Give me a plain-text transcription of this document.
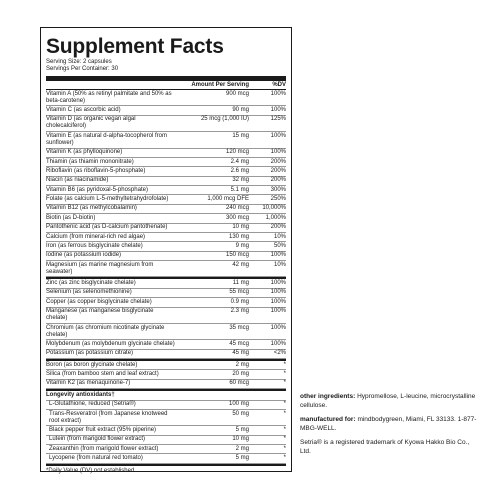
Supplement Facts
Serving Size: 2 capsules
Servings Per Container: 30
Amount Per Serving	%DV
Vitamin A (50% as retinyl palmitate and 50% as beta-carotene)
900 mcg	100%
Vitamin C (as ascorbic acid)	90 mg	100%
Vitamin D (as organic vegan algal cholecalciferol)
25 mcg (1,000 IU)	125%
Vitamin E (as natural d-alpha-tocopherol from sunflower)
15 mg	100%
Vitamin K (as phylloquinone)	120 mcg	100%
Thiamin (as thiamin mononitrate)	2.4 mg	200%
Riboflavin (as riboflavin-5-phosphate)	2.6 mg	200%
Niacin (as niacinamide)	32 mg	200%
Vitamin B6 (as pyridoxal-5-phosphate)	5.1 mg	300%
Folate (as calcium L-5-methyltetrahydrofolate)	1,000 mcg DFE	250%
Vitamin B12 (as methylcobalamin)	240 mcg	10,000%
Biotin (as D-biotin)	300 mcg	1,000%
Pantothenic acid (as D-calcium pantothenate)	10 mg	200%
Calcium (from mineral-rich red algae)	130 mg	10%
Iron (as ferrous bisglycinate chelate)	9 mg	50%
Iodine (as potassium iodide)	150 mcg	100%
Magnesium (as marine magnesium from seawater)
42 mg	10%
Zinc (as zinc bisglycinate chelate)	11 mg	100%
Selenium (as selenomethionine)	55 mcg	100%
Copper (as copper bisglycinate chelate)	0.9 mg	100%
Manganese (as manganese bisglycinate chelate)
2.3 mg	100%
Chromium (as chromium nicotinate glycinate chelate)
35 mcg	100%
Molybdenum (as molybdenum glycinate chelate)	45 mcg	100%
Potassium (as potassium citrate)	45 mg	<2%
Boron (as boron glycinate chelate)	2 mg	*
Silica (from bamboo stem and leaf extract)	20 mg	*
Vitamin K2 (as menaquinone-7)	60 mcg	*
Longevity antioxidants†
L-Glutathione, reduced (Setria®)	100 mg	*
Trans-Resveratrol (from Japanese knotweed root extract)
50 mg	*
Black pepper fruit extract (95% piperine)	5 mg	*
Lutein (from marigold flower extract)	10 mg	*
Zeaxanthin (from marigold flower extract)	2 mg	*
Lycopene (from natural red tomato)	5 mg	*
*Daily Value (DV) not established

other ingredients: Hypromellose, L-leucine, microcrystalline cellulose.

manufactured for: mindbodygreen, Miami, FL 33133. 1-877-MBG-WELL.

Setria® is a registered trademark of Kyowa Hakko Bio Co., Ltd.
